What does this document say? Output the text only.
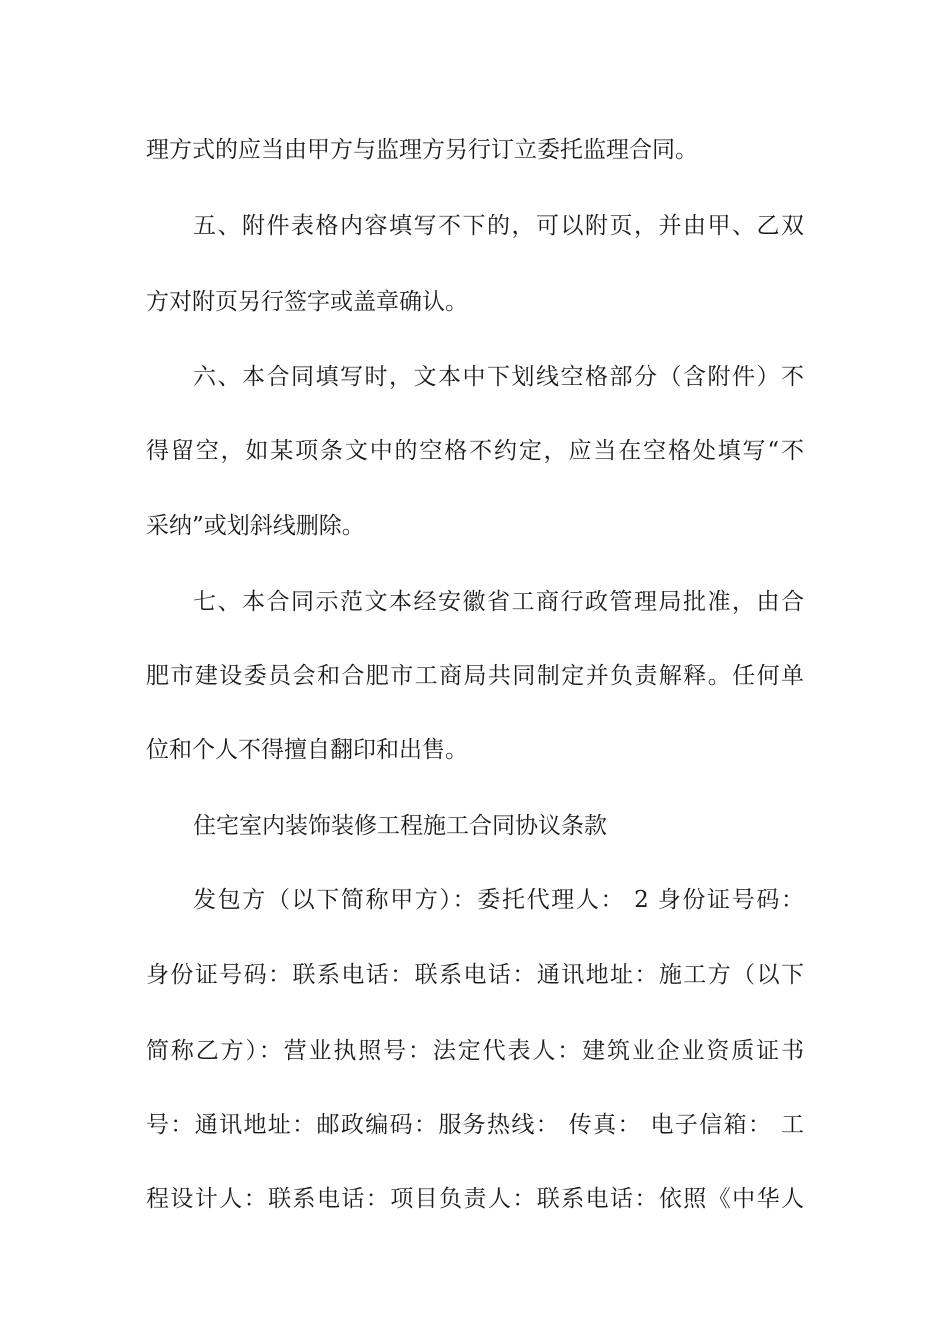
理方式的应当由甲方与监理方另行订立委托监理合同。
五、附件表格内容填写不下的，可以附页，并由甲、乙双
方对附页另行签字或盖章确认。
六、本合同填写时，文本中下划线空格部分（含附件）不
得留空，如某项条文中的空格不约定，应当在空格处填写“不
采纳”或划斜线删除。
七、本合同示范文本经安徽省工商行政管理局批准，由合
肥市建设委员会和合肥市工商局共同制定并负责解释。任何单
位和个人不得擅自翻印和出售。
住宅室内装饰装修工程施工合同协议条款
发包方（以下简称甲方）：委托代理人： 2 身份证号码：
身份证号码：联系电话：联系电话：通讯地址：施工方（以下
简称乙方）：营业执照号：法定代表人：建筑业企业资质证书
号：通讯地址：邮政编码：服务热线： 传真： 电子信箱： 工
程设计人：联系电话：项目负责人：联系电话：依照《中华人
